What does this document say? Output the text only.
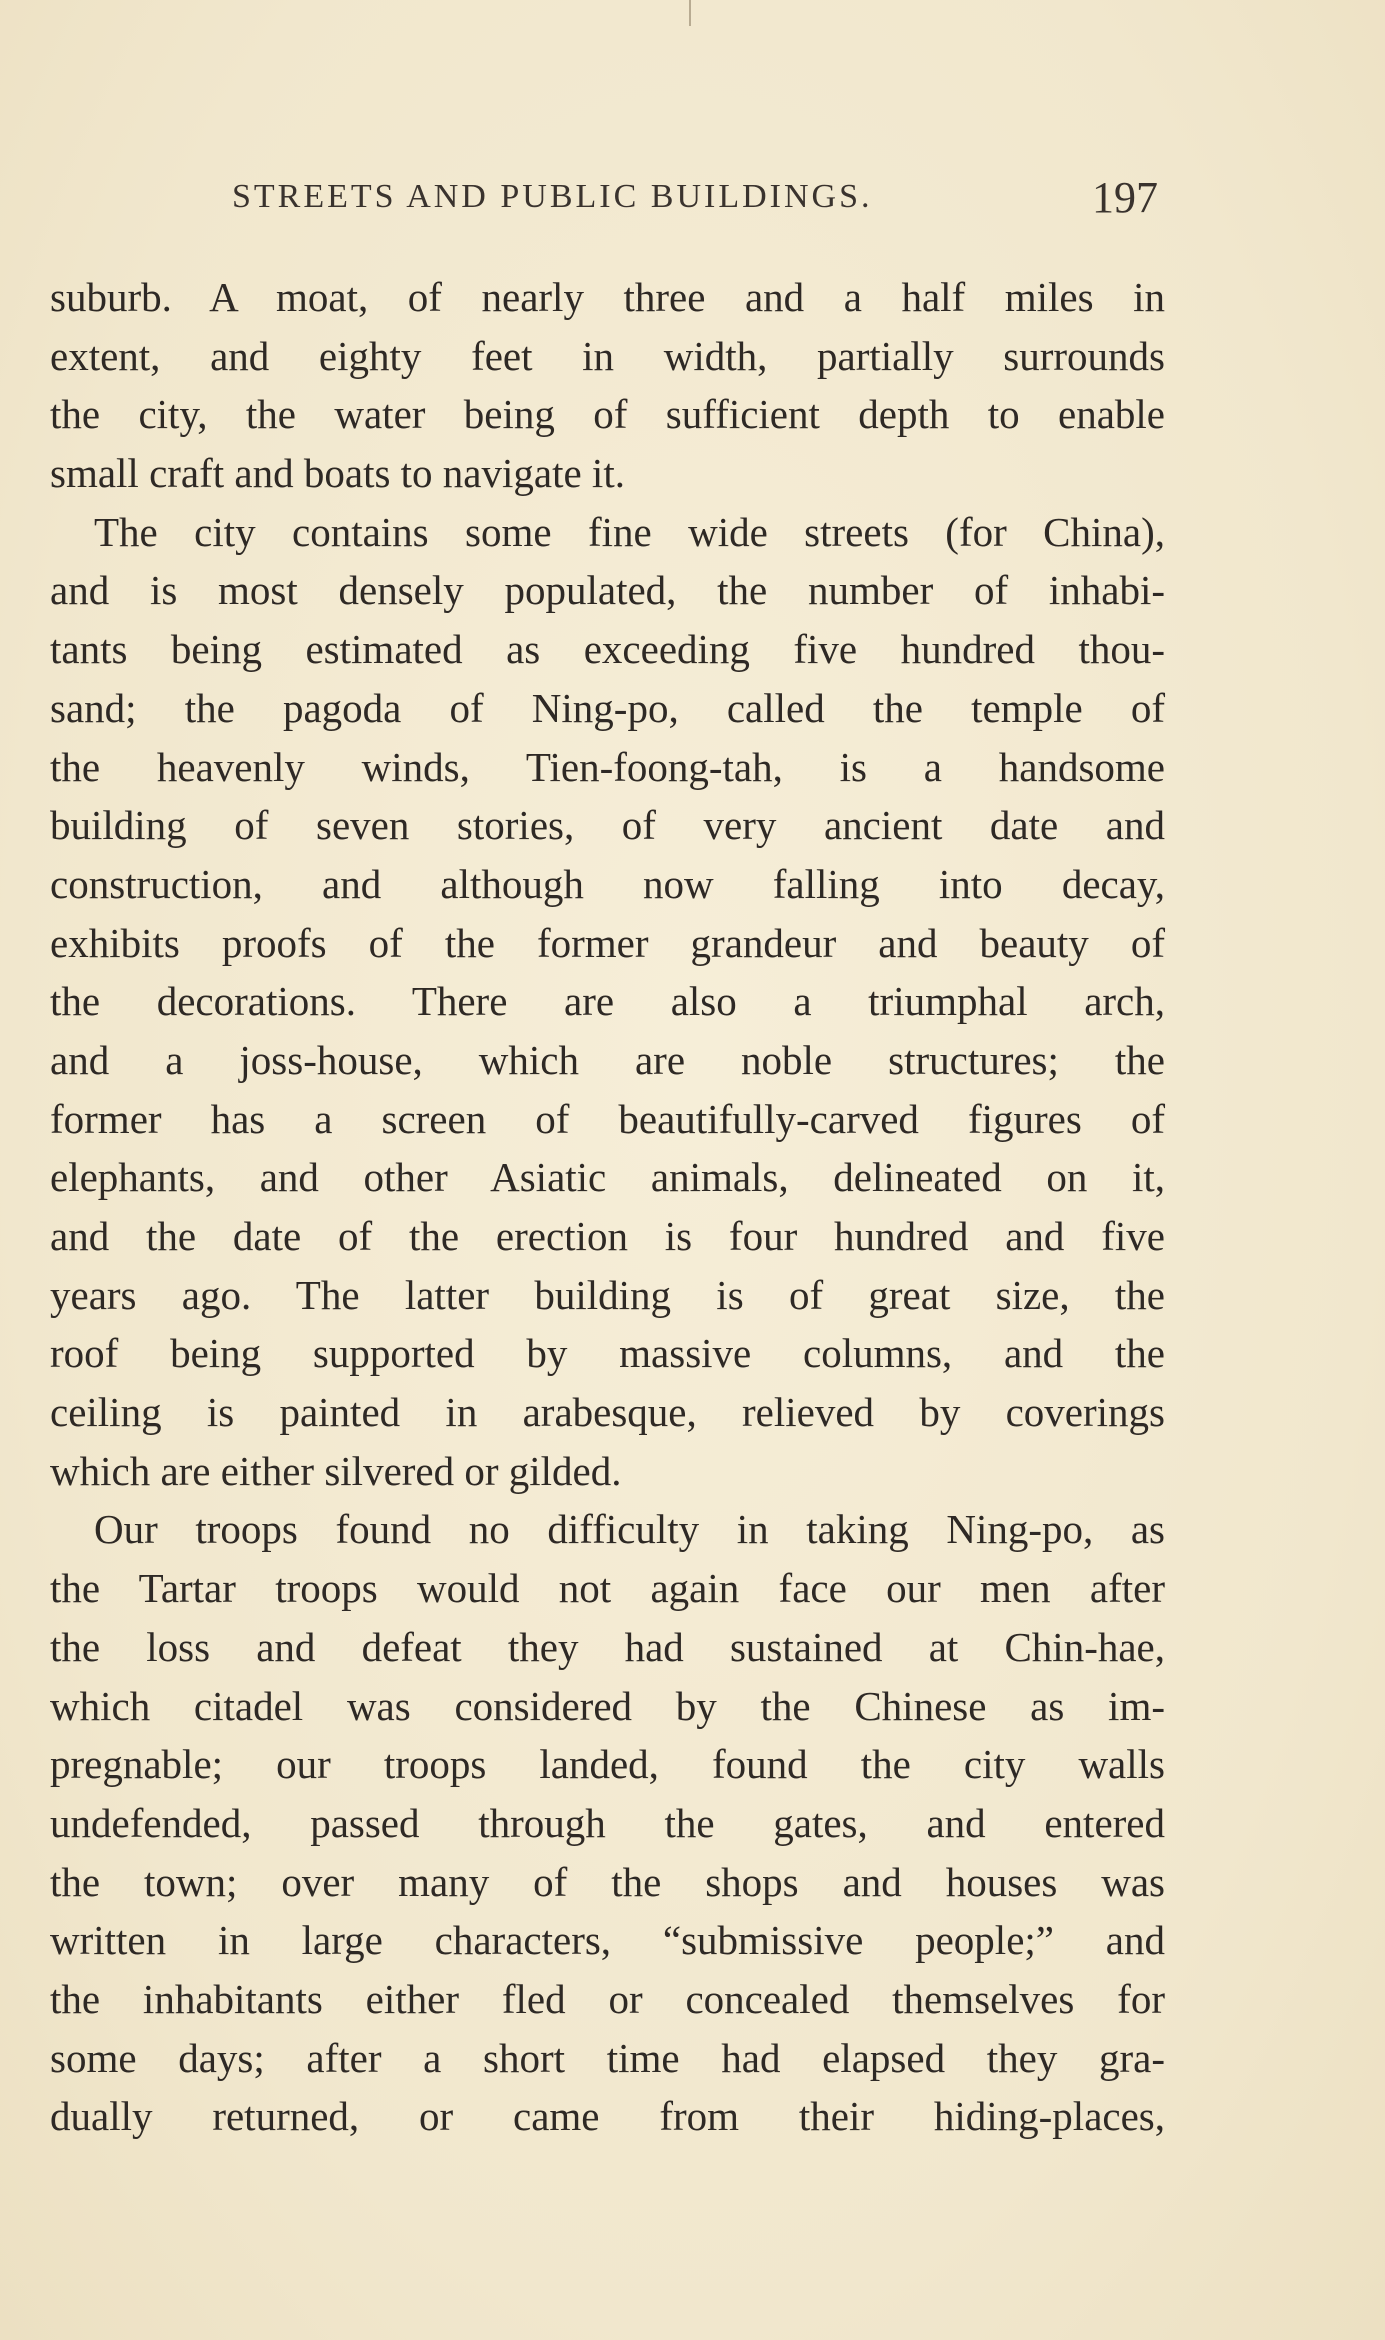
STREETS AND PUBLIC BUILDINGS.	197
suburb. A moat, of nearly three and a half miles in
extent, and eighty feet in width, partially surrounds
the city, the water being of sufficient depth to enable
small craft and boats to navigate it.
The city contains some fine wide streets (for China),
and is most densely populated, the number of inhabi-
tants being estimated as exceeding five hundred thou-
sand; the pagoda of Ning-po, called the temple of
the heavenly winds, Tien-foong-tah, is a handsome
building of seven stories, of very ancient date and
construction, and although now falling into decay,
exhibits proofs of the former grandeur and beauty of
the decorations. There are also a triumphal arch,
and a joss-house, which are noble structures; the
former has a screen of beautifully-carved figures of
elephants, and other Asiatic animals, delineated on it,
and the date of the erection is four hundred and five
years ago. The latter building is of great size, the
roof being supported by massive columns, and the
ceiling is painted in arabesque, relieved by coverings
which are either silvered or gilded.
Our troops found no difficulty in taking Ning-po, as
the Tartar troops would not again face our men after
the loss and defeat they had sustained at Chin-hae,
which citadel was considered by the Chinese as im-
pregnable; our troops landed, found the city walls
undefended, passed through the gates, and entered
the town; over many of the shops and houses was
written in large characters, “submissive people;” and
the inhabitants either fled or concealed themselves for
some days; after a short time had elapsed they gra-
dually returned, or came from their hiding-places,
